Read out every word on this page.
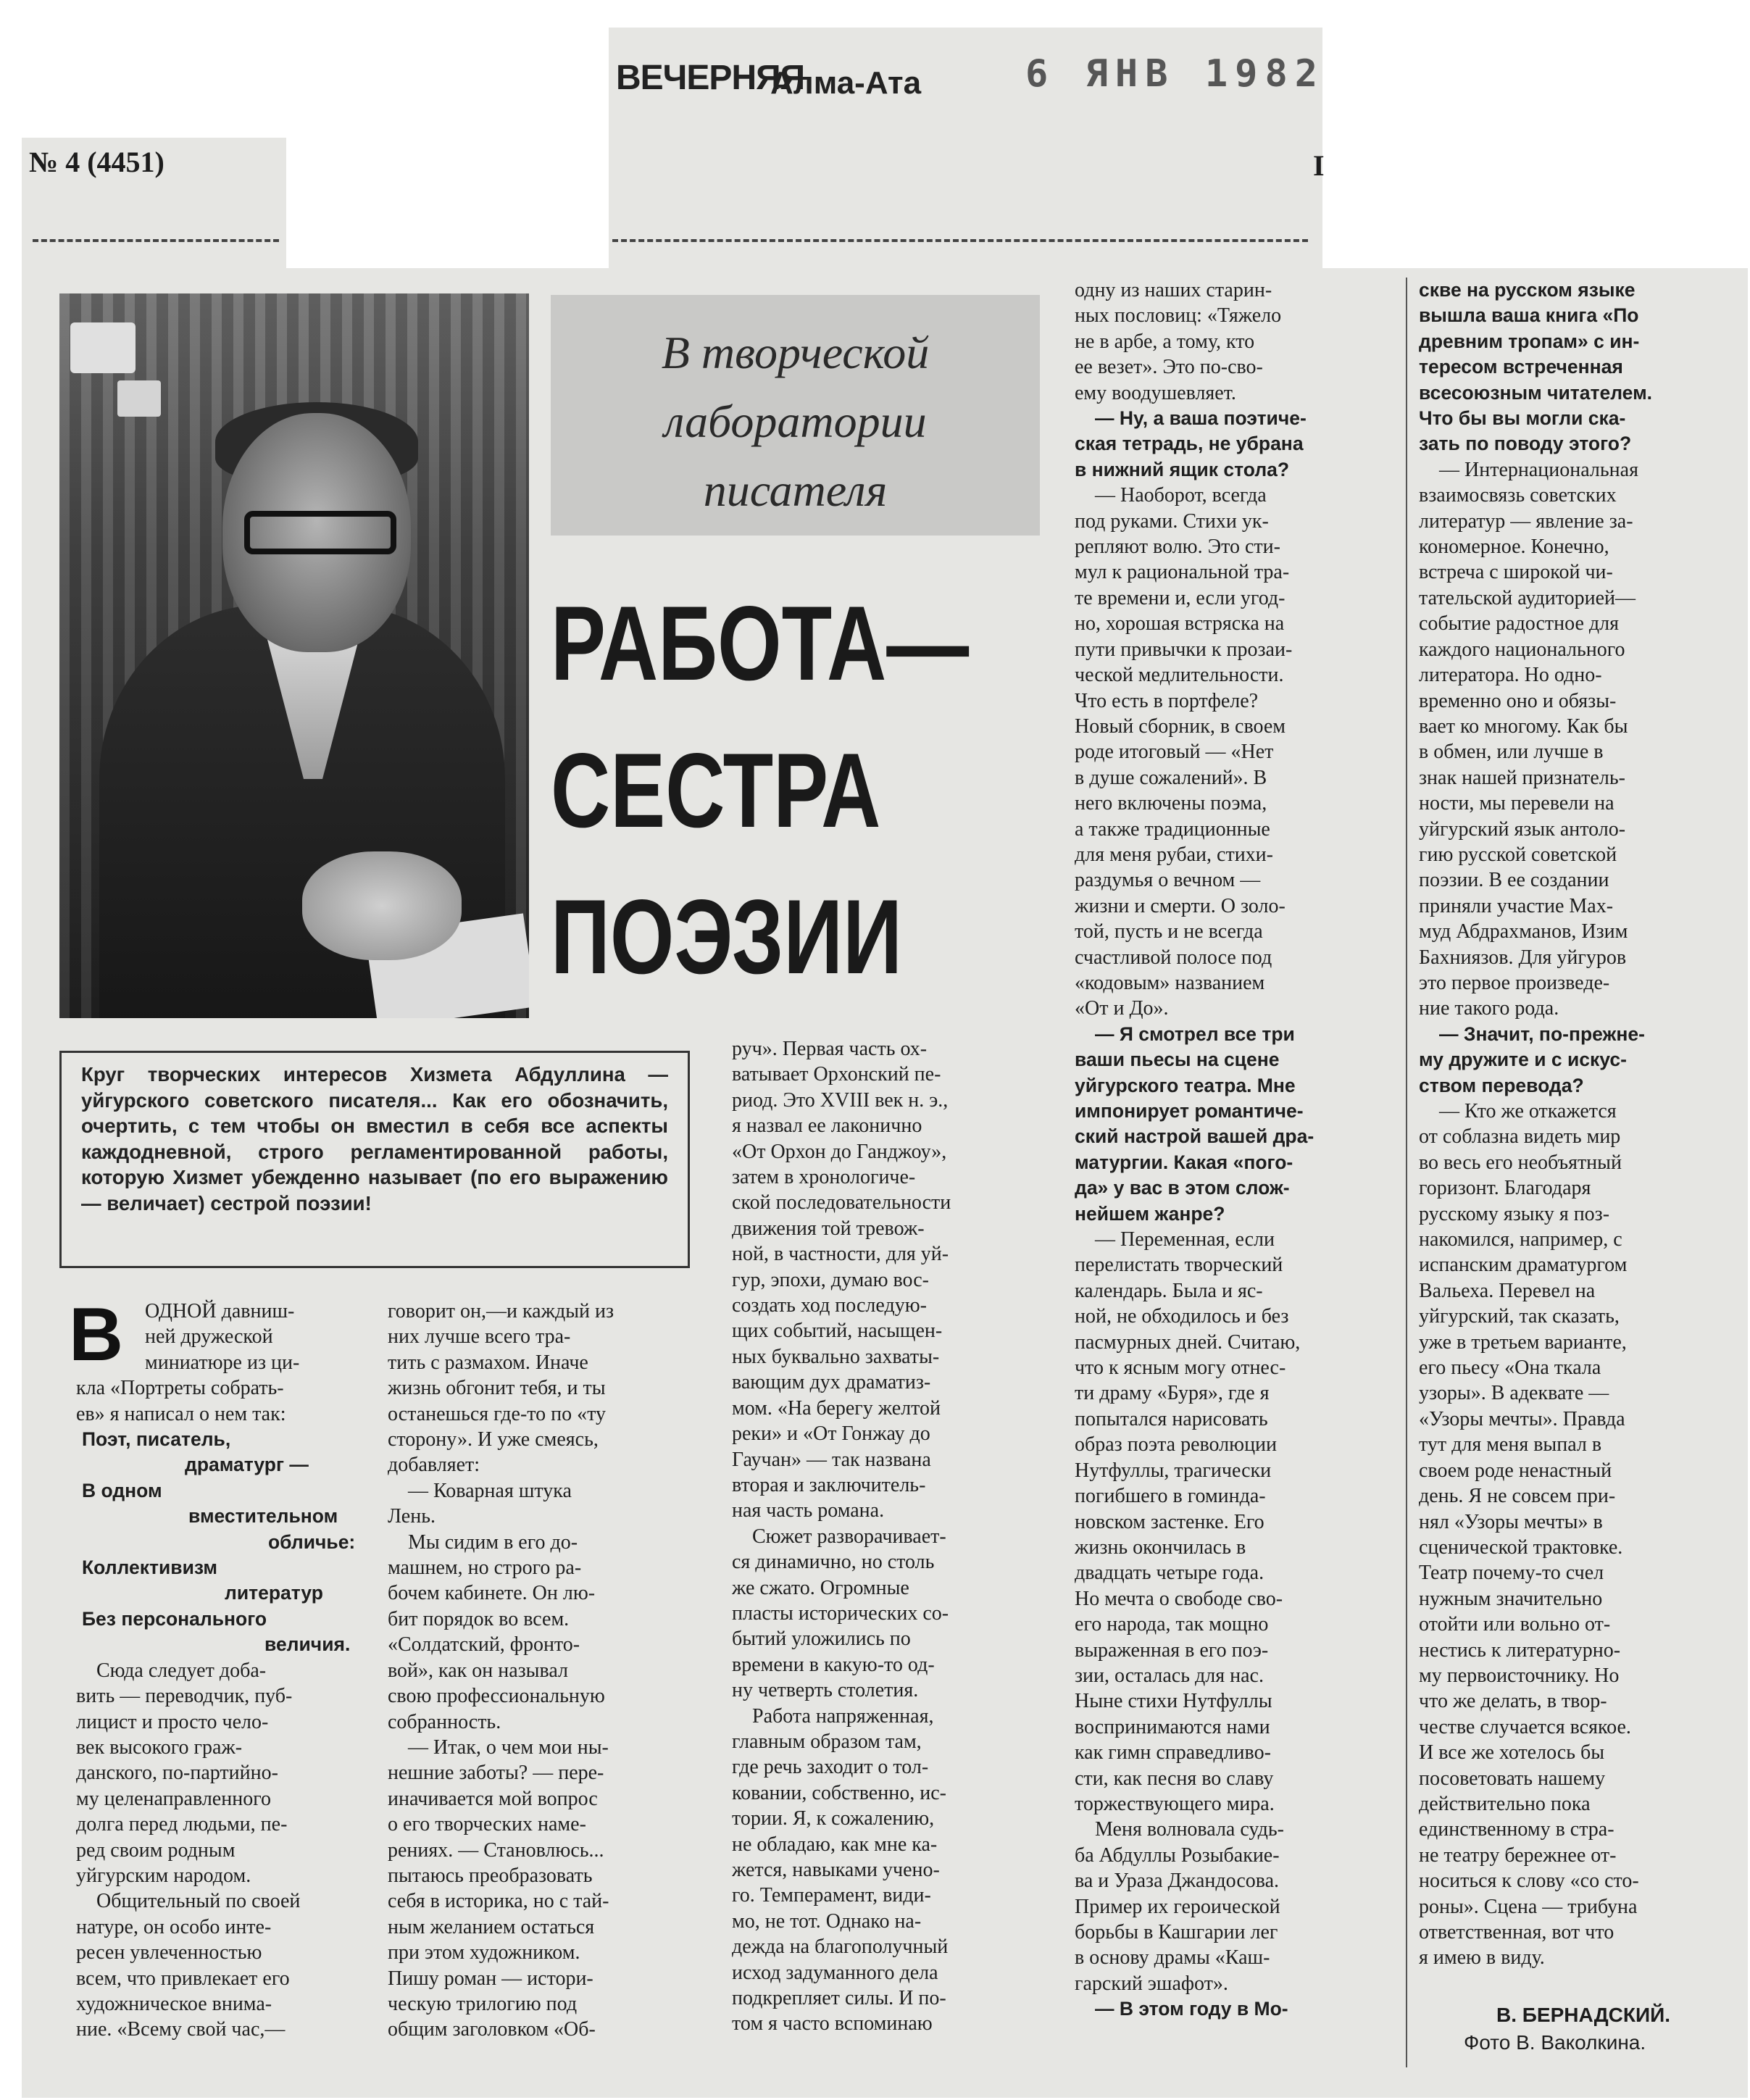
ВЕЧЕРНЯЯ
Алма-Ата	6 ЯНВ 1982
№ 4 (4451)	I
В творческой
лаборатории
писателя
РАБОТА—
СЕСТРА
ПОЭЗИИ
Круг творческих интересов Хизмета Абдуллина — уйгурского советского писателя... Как его обозначить, очертить, с тем чтобы он вместил в себя все аспекты каждодневной, строго регламентированной работы, которую Хизмет убежденно называет (по его выражению — величает) сестрой поэзии!
В	ОДНОЙ давниш-
ней дружеской
миниатюре из ци-
кла «Портреты собрать-
ев» я написал о нем так:
Поэт, писатель,
драматург —
В одном
вместительном
обличье:
Коллективизм
литератур
Без персонального
величия.
Сюда следует доба-
вить — переводчик, пуб-
лицист и просто чело-
век высокого граж-
данского, по-партийно-
му целенаправленного
долга перед людьми, пе-
ред своим родным
уйгурским народом.
Общительный по своей
натуре, он особо инте-
ресен увлеченностью
всем, что привлекает его
художническое внима-
ние. «Всему свой час,—
говорит он,—и каждый из
них лучше всего тра-
тить с размахом. Иначе
жизнь обгонит тебя, и ты
останешься где-то по «ту
сторону». И уже смеясь,
добавляет:
— Коварная штука
Лень.
Мы сидим в его до-
машнем, но строго ра-
бочем кабинете. Он лю-
бит порядок во всем.
«Солдатский, фронто-
вой», как он называл
свою профессиональную
собранность.
— Итак, о чем мои ны-
нешние заботы? — пере-
иначивается мой вопрос
о его творческих наме-
рениях. — Становлюсь...
пытаюсь преобразовать
себя в историка, но с тай-
ным желанием остаться
при этом художником.
Пишу роман — истори-
ческую трилогию под
общим заголовком «Об-
руч». Первая часть ох-
ватывает Орхонский пе-
риод. Это XVIII век н. э.,
я назвал ее лаконично
«От Орхон до Ганджоу»,
затем в хронологиче-
ской последовательности
движения той тревож-
ной, в частности, для уй-
гур, эпохи, думаю вос-
создать ход последую-
щих событий, насыщен-
ных буквально захваты-
вающим дух драматиз-
мом. «На берегу желтой
реки» и «От Гонжау до
Гаучан» — так названа
вторая и заключитель-
ная часть романа.
Сюжет разворачивает-
ся динамично, но столь
же сжато. Огромные
пласты исторических со-
бытий уложились по
времени в какую-то од-
ну четверть столетия.
Работа напряженная,
главным образом там,
где речь заходит о тол-
ковании, собственно, ис-
тории. Я, к сожалению,
не обладаю, как мне ка-
жется, навыками учено-
го. Темперамент, види-
мо, не тот. Однако на-
дежда на благополучный
исход задуманного дела
подкрепляет силы. И по-
том я часто вспоминаю
одну из наших старин-
ных пословиц: «Тяжело
не в арбе, а тому, кто
ее везет». Это по-сво-
ему воодушевляет.
— Ну, а ваша поэтиче-
ская тетрадь, не убрана
в нижний ящик стола?
— Наоборот, всегда
под руками. Стихи ук-
репляют волю. Это сти-
мул к рациональной тра-
те времени и, если угод-
но, хорошая встряска на
пути привычки к прозаи-
ческой медлительности.
Что есть в портфеле?
Новый сборник, в своем
роде итоговый — «Нет
в душе сожалений». В
него включены поэма,
а также традиционные
для меня рубаи, стихи-
раздумья о вечном —
жизни и смерти. О золо-
той, пусть и не всегда
счастливой полосе под
«кодовым» названием
«От и До».
— Я смотрел все три
ваши пьесы на сцене
уйгурского театра. Мне
импонирует романтиче-
ский настрой вашей дра-
матургии. Какая «пого-
да» у вас в этом слож-
нейшем жанре?
— Переменная, если
перелистать творческий
календарь. Была и яс-
ной, не обходилось и без
пасмурных дней. Считаю,
что к ясным могу отнес-
ти драму «Буря», где я
попытался нарисовать
образ поэта революции
Нутфуллы, трагически
погибшего в гоминда-
новском застенке. Его
жизнь окончилась в
двадцать четыре года.
Но мечта о свободе сво-
его народа, так мощно
выраженная в его поэ-
зии, осталась для нас.
Ныне стихи Нутфуллы
воспринимаются нами
как гимн справедливо-
сти, как песня во славу
торжествующего мира.
Меня волновала судь-
ба Абдуллы Розыбакие-
ва и Ураза Джандосова.
Пример их героической
борьбы в Кашгарии лег
в основу драмы «Каш-
гарский эшафот».
— В этом году в Мо-
скве на русском языке
вышла ваша книга «По
древним тропам» с ин-
тересом встреченная
всесоюзным читателем.
Что бы вы могли ска-
зать по поводу этого?
— Интернациональная
взаимосвязь советских
литератур — явление за-
кономерное. Конечно,
встреча с широкой чи-
тательской аудиторией—
событие радостное для
каждого национального
литератора. Но одно-
временно оно и обязы-
вает ко многому. Как бы
в обмен, или лучше в
знак нашей признатель-
ности, мы перевели на
уйгурский язык антоло-
гию русской советской
поэзии. В ее создании
приняли участие Мах-
муд Абдрахманов, Изим
Бахниязов. Для уйгуров
это первое произведе-
ние такого рода.
— Значит, по-прежне-
му дружите и с искус-
ством перевода?
— Кто же откажется
от соблазна видеть мир
во весь его необъятный
горизонт. Благодаря
русскому языку я поз-
накомился, например, с
испанским драматургом
Вальеха. Перевел на
уйгурский, так сказать,
уже в третьем варианте,
его пьесу «Она ткала
узоры». В адеквате —
«Узоры мечты». Правда
тут для меня выпал в
своем роде ненастный
день. Я не совсем при-
нял «Узоры мечты» в
сценической трактовке.
Театр почему-то счел
нужным значительно
отойти или вольно от-
нестись к литературно-
му первоисточнику. Но
что же делать, в твор-
честве случается всякое.
И все же хотелось бы
посоветовать нашему
действительно пока
единственному в стра-
не театру бережнее от-
носиться к слову «со сто-
роны». Сцена — трибуна
ответственная, вот что
я имею в виду.
В. БЕРНАДСКИЙ.
Фото В. Ваколкина.
